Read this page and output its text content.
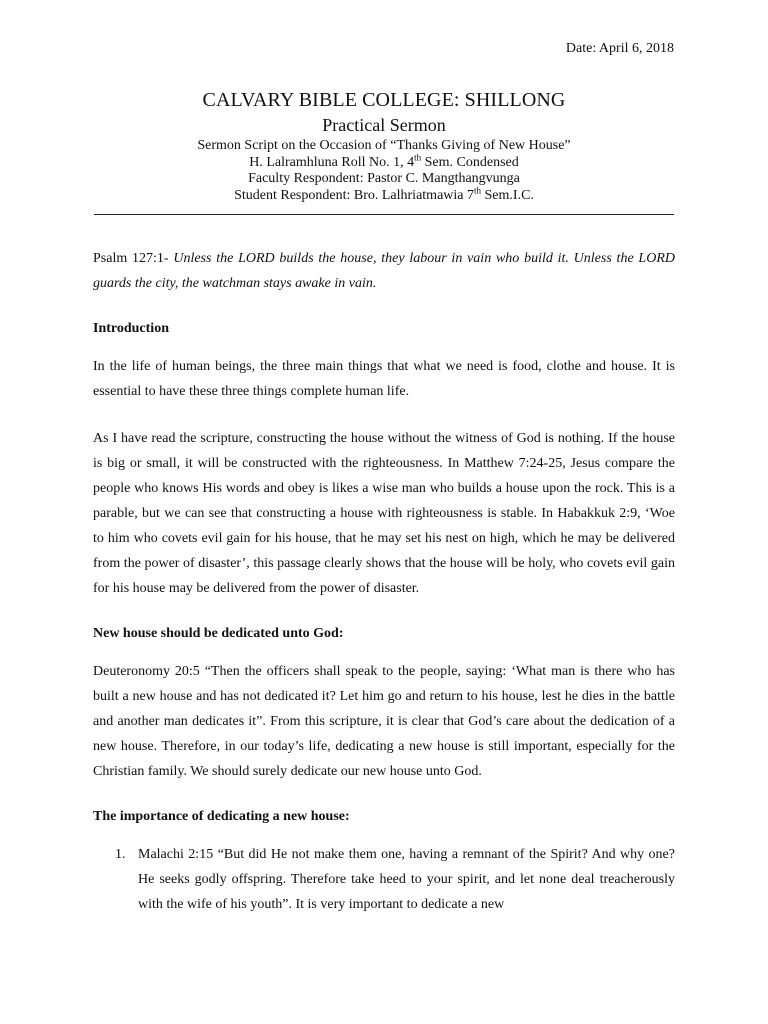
Date: April 6, 2018
CALVARY BIBLE COLLEGE: SHILLONG
Practical Sermon
Sermon Script on the Occasion of “Thanks Giving of New House”
H. Lalramhluna Roll No. 1, 4th Sem. Condensed
Faculty Respondent: Pastor C. Mangthangvunga
Student Respondent: Bro. Lalhriatmawia 7th Sem.I.C.

Psalm 127:1- Unless the LORD builds the house, they labour in vain who build it. Unless the LORD guards the city, the watchman stays awake in vain.

Introduction

In the life of human beings, the three main things that what we need is food, clothe and house. It is essential to have these three things complete human life.

As I have read the scripture, constructing the house without the witness of God is nothing. If the house is big or small, it will be constructed with the righteousness. In Matthew 7:24-25, Jesus compare the people who knows His words and obey is likes a wise man who builds a house upon the rock. This is a parable, but we can see that constructing a house with righteousness is stable. In Habakkuk 2:9, ‘Woe to him who covets evil gain for his house, that he may set his nest on high, which he may be delivered from the power of disaster’, this passage clearly shows that the house will be holy, who covets evil gain for his house may be delivered from the power of disaster.

New house should be dedicated unto God:

Deuteronomy 20:5 “Then the officers shall speak to the people, saying: ‘What man is there who has built a new house and has not dedicated it? Let him go and return to his house, lest he dies in the battle and another man dedicates it”. From this scripture, it is clear that God’s care about the dedication of a new house. Therefore, in our today’s life, dedicating a new house is still important, especially for the Christian family. We should surely dedicate our new house unto God.

The importance of dedicating a new house:

1. Malachi 2:15 “But did He not make them one, having a remnant of the Spirit? And why one? He seeks godly offspring. Therefore take heed to your spirit, and let none deal treacherously with the wife of his youth”. It is very important to dedicate a new
